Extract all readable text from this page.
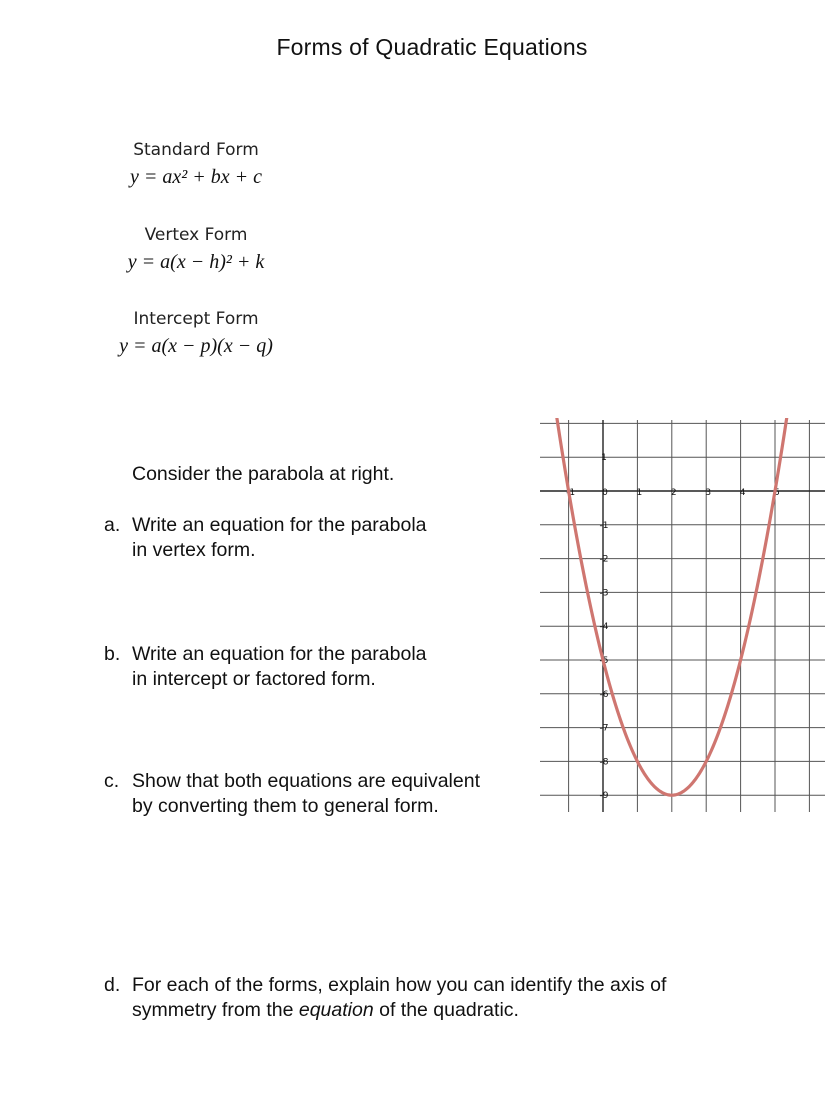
Forms of Quadratic Equations
Standard Form
y = ax² + bx + c
Vertex Form
y = a(x − h)² + k
Intercept Form
y = a(x − p)(x − q)
Consider the parabola at right.
a. Write an equation for the parabola
in vertex form.
b. Write an equation for the parabola
in intercept or factored form.
c. Show that both equations are equivalent
by converting them to general form.
d. For each of the forms, explain how you can identify the axis of
symmetry from the equation of the quadratic.
-1	0	1	2	3	4	5
1
-1
-2
-3
-4
-5
-6
-7
-8
-9
